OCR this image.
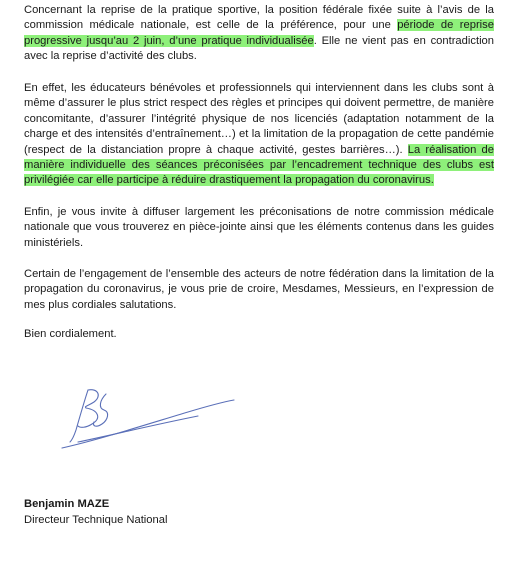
Concernant la reprise de la pratique sportive, la position fédérale fixée suite à l’avis de la commission médicale nationale, est celle de la préférence, pour une période de reprise progressive jusqu’au 2 juin, d’une pratique individualisée. Elle ne vient pas en contradiction avec la reprise d’activité des clubs.

En effet, les éducateurs bénévoles et professionnels qui interviennent dans les clubs sont à même d’assurer le plus strict respect des règles et principes qui doivent permettre, de manière concomitante, d’assurer l’intégrité physique de nos licenciés (adaptation notamment de la charge et des intensités d’entraînement…) et la limitation de la propagation de cette pandémie (respect de la distanciation propre à chaque activité, gestes barrières…). La réalisation de manière individuelle des séances préconisées par l’encadrement technique des clubs est privilégiée car elle participe à réduire drastiquement la propagation du coronavirus.

Enfin, je vous invite à diffuser largement les préconisations de notre commission médicale nationale que vous trouverez en pièce-jointe ainsi que les éléments contenus dans les guides ministériels.

Certain de l’engagement de l’ensemble des acteurs de notre fédération dans la limitation de la propagation du coronavirus, je vous prie de croire, Mesdames, Messieurs, en l’expression de mes plus cordiales salutations.

Bien cordialement.

Benjamin MAZE
Directeur Technique National
